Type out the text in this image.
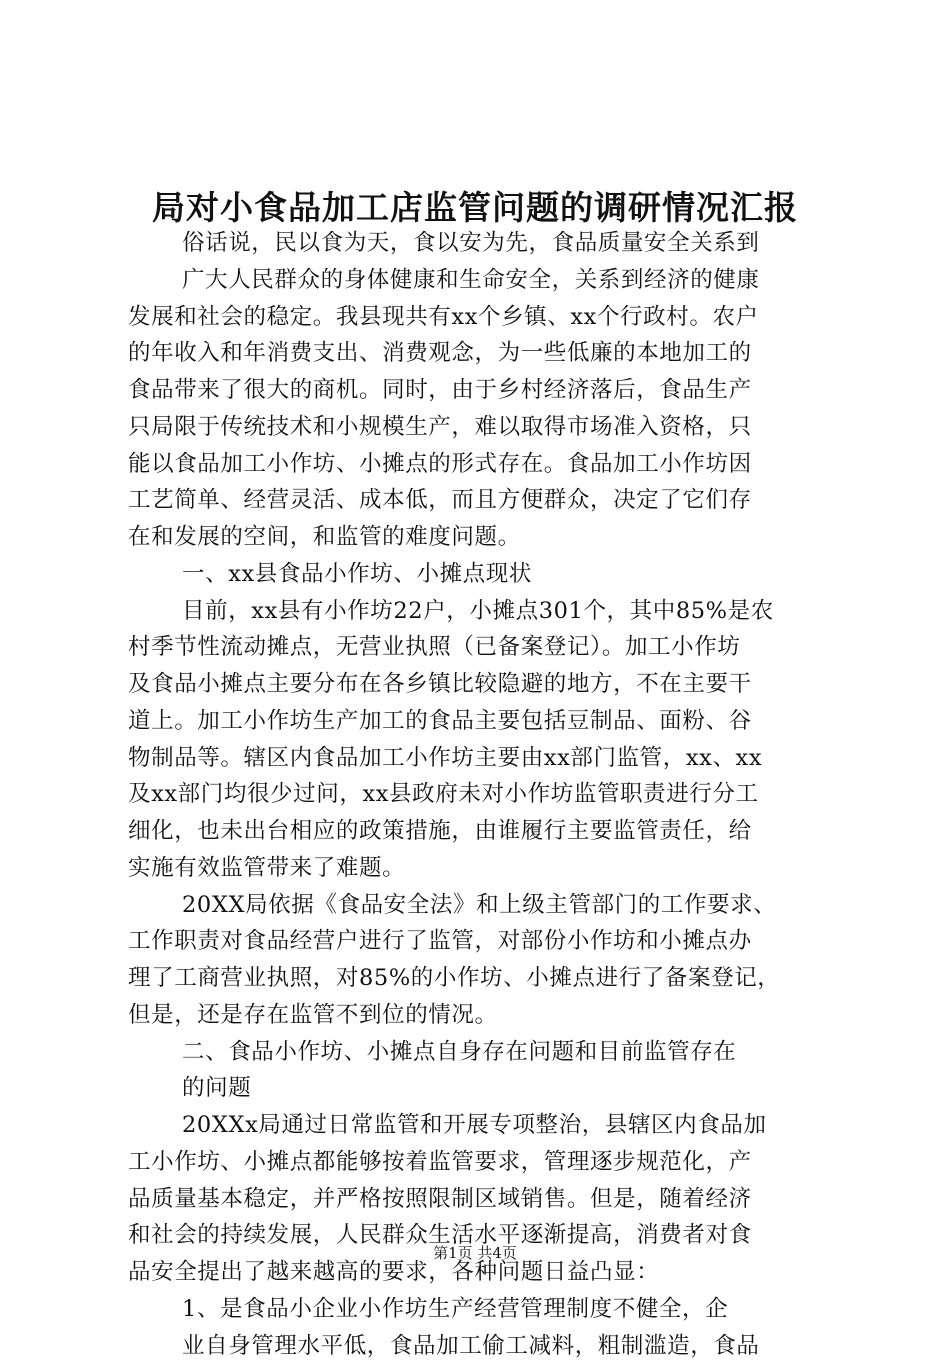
局对小食品加工店监管问题的调研情况汇报
俗话说，民以食为天，食以安为先，食品质量安全关系到
广大人民群众的身体健康和生命安全，关系到经济的健康
发展和社会的稳定。我县现共有xx个乡镇、xx个行政村。农户
的年收入和年消费支出、消费观念，为一些低廉的本地加工的
食品带来了很大的商机。同时，由于乡村经济落后，食品生产
只局限于传统技术和小规模生产，难以取得市场准入资格，只
能以食品加工小作坊、小摊点的形式存在。食品加工小作坊因
工艺简单、经营灵活、成本低，而且方便群众，决定了它们存
在和发展的空间，和监管的难度问题。
一、xx县食品小作坊、小摊点现状
目前，xx县有小作坊22户，小摊点301个，其中85%是农
村季节性流动摊点，无营业执照（已备案登记）。加工小作坊
及食品小摊点主要分布在各乡镇比较隐避的地方，不在主要干
道上。加工小作坊生产加工的食品主要包括豆制品、面粉、谷
物制品等。辖区内食品加工小作坊主要由xx部门监管，xx、xx
及xx部门均很少过问，xx县政府未对小作坊监管职责进行分工
细化，也未出台相应的政策措施，由谁履行主要监管责任，给
实施有效监管带来了难题。
20XX局依据《食品安全法》和上级主管部门的工作要求、
工作职责对食品经营户进行了监管，对部份小作坊和小摊点办
理了工商营业执照，对85%的小作坊、小摊点进行了备案登记，
但是，还是存在监管不到位的情况。
二、食品小作坊、小摊点自身存在问题和目前监管存在
的问题
20XXx局通过日常监管和开展专项整治，县辖区内食品加
工小作坊、小摊点都能够按着监管要求，管理逐步规范化，产
品质量基本稳定，并严格按照限制区域销售。但是，随着经济
和社会的持续发展，人民群众生活水平逐渐提高，消费者对食
品安全提出了越来越高的要求，各种问题日益凸显：
1、是食品小企业小作坊生产经营管理制度不健全，企
业自身管理水平低，食品加工偷工减料，粗制滥造，食品
第1页 共4页
